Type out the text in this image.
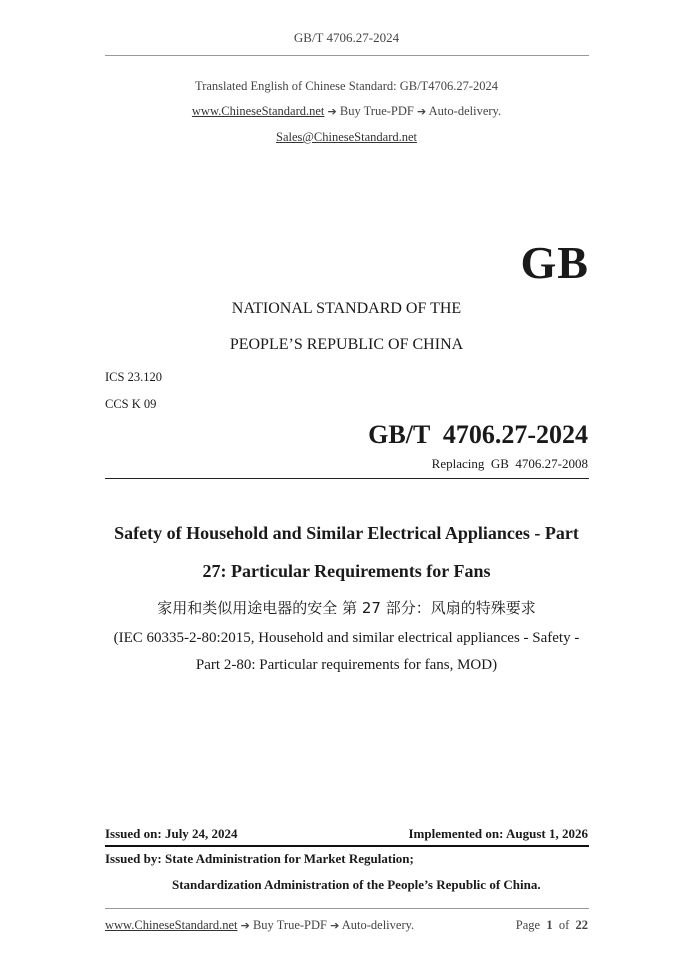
GB/T 4706.27-2024
Translated English of Chinese Standard: GB/T4706.27-2024
www.ChineseStandard.net ➔ Buy True-PDF ➔ Auto-delivery.
Sales@ChineseStandard.net
GB
NATIONAL STANDARD OF THE
PEOPLE’S REPUBLIC OF CHINA
ICS 23.120
CCS K 09
GB/T  4706.27-2024
Replacing  GB  4706.27-2008
Safety of Household and Similar Electrical Appliances - Part
27: Particular Requirements for Fans
家用和类似用途电器的安全 第 27 部分：风扇的特殊要求
(IEC 60335-2-80:2015, Household and similar electrical appliances - Safety -
Part 2-80: Particular requirements for fans, MOD)
Issued on: July 24, 2024	Implemented on: August 1, 2026
Issued by: State Administration for Market Regulation;
Standardization Administration of the People’s Republic of China.
www.ChineseStandard.net ➔ Buy True-PDF ➔ Auto-delivery.	Page 1 of 22
